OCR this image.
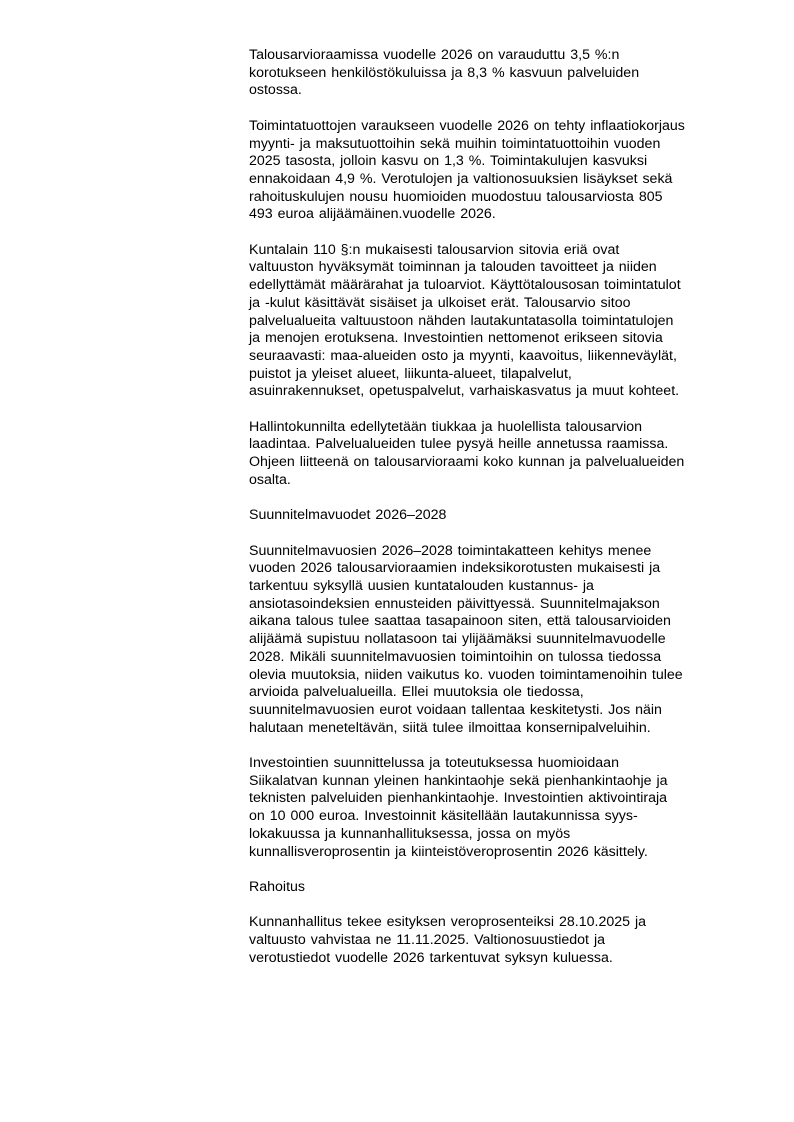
Talousarvioraamissa vuodelle 2026 on varauduttu 3,5 %:n

korotukseen henkilöstökuluissa ja 8,3 % kasvuun palveluiden

ostossa.

Toimintatuottojen varaukseen vuodelle 2026 on tehty inflaatiokorjaus

myynti- ja maksutuottoihin sekä muihin toimintatuottoihin vuoden

2025 tasosta, jolloin kasvu on 1,3 %. Toimintakulujen kasvuksi

ennakoidaan 4,9 %. Verotulojen ja valtionosuuksien lisäykset sekä

rahoituskulujen nousu huomioiden muodostuu talousarviosta 805

493 euroa alijäämäinen.vuodelle 2026.

Kuntalain 110 §:n mukaisesti talousarvion sitovia eriä ovat

valtuuston hyväksymät toiminnan ja talouden tavoitteet ja niiden

edellyttämät määrärahat ja tuloarviot. Käyttötalousosan toimintatulot

ja -kulut käsittävät sisäiset ja ulkoiset erät. Talousarvio sitoo

palvelualueita valtuustoon nähden lautakuntatasolla toimintatulojen

ja menojen erotuksena. Investointien nettomenot erikseen sitovia

seuraavasti: maa-alueiden osto ja myynti, kaavoitus, liikenneväylät,

puistot ja yleiset alueet, liikunta-alueet, tilapalvelut,

asuinrakennukset, opetuspalvelut, varhaiskasvatus ja muut kohteet.

Hallintokunnilta edellytetään tiukkaa ja huolellista talousarvion

laadintaa. Palvelualueiden tulee pysyä heille annetussa raamissa.

Ohjeen liitteenä on talousarvioraami koko kunnan ja palvelualueiden

osalta.

Suunnitelmavuodet 2026–2028

Suunnitelmavuosien 2026–2028 toimintakatteen kehitys menee

vuoden 2026 talousarvioraamien indeksikorotusten mukaisesti ja

tarkentuu syksyllä uusien kuntatalouden kustannus- ja

ansiotasoindeksien ennusteiden päivittyessä. Suunnitelmajakson

aikana talous tulee saattaa tasapainoon siten, että talousarvioiden

alijäämä supistuu nollatasoon tai ylijäämäksi suunnitelmavuodelle

2028. Mikäli suunnitelmavuosien toimintoihin on tulossa tiedossa

olevia muutoksia, niiden vaikutus ko. vuoden toimintamenoihin tulee

arvioida palvelualueilla. Ellei muutoksia ole tiedossa,

suunnitelmavuosien eurot voidaan tallentaa keskitetysti. Jos näin

halutaan meneteltävän, siitä tulee ilmoittaa konsernipalveluihin.

Investointien suunnittelussa ja toteutuksessa huomioidaan

Siikalatvan kunnan yleinen hankintaohje sekä pienhankintaohje ja

teknisten palveluiden pienhankintaohje. Investointien aktivointiraja

on 10 000 euroa. Investoinnit käsitellään lautakunnissa syys-

lokakuussa ja kunnanhallituksessa, jossa on myös

kunnallisveroprosentin ja kiinteistöveroprosentin 2026 käsittely.

Rahoitus

Kunnanhallitus tekee esityksen veroprosenteiksi 28.10.2025 ja

valtuusto vahvistaa ne 11.11.2025. Valtionosuustiedot ja

verotustiedot vuodelle 2026 tarkentuvat syksyn kuluessa.
